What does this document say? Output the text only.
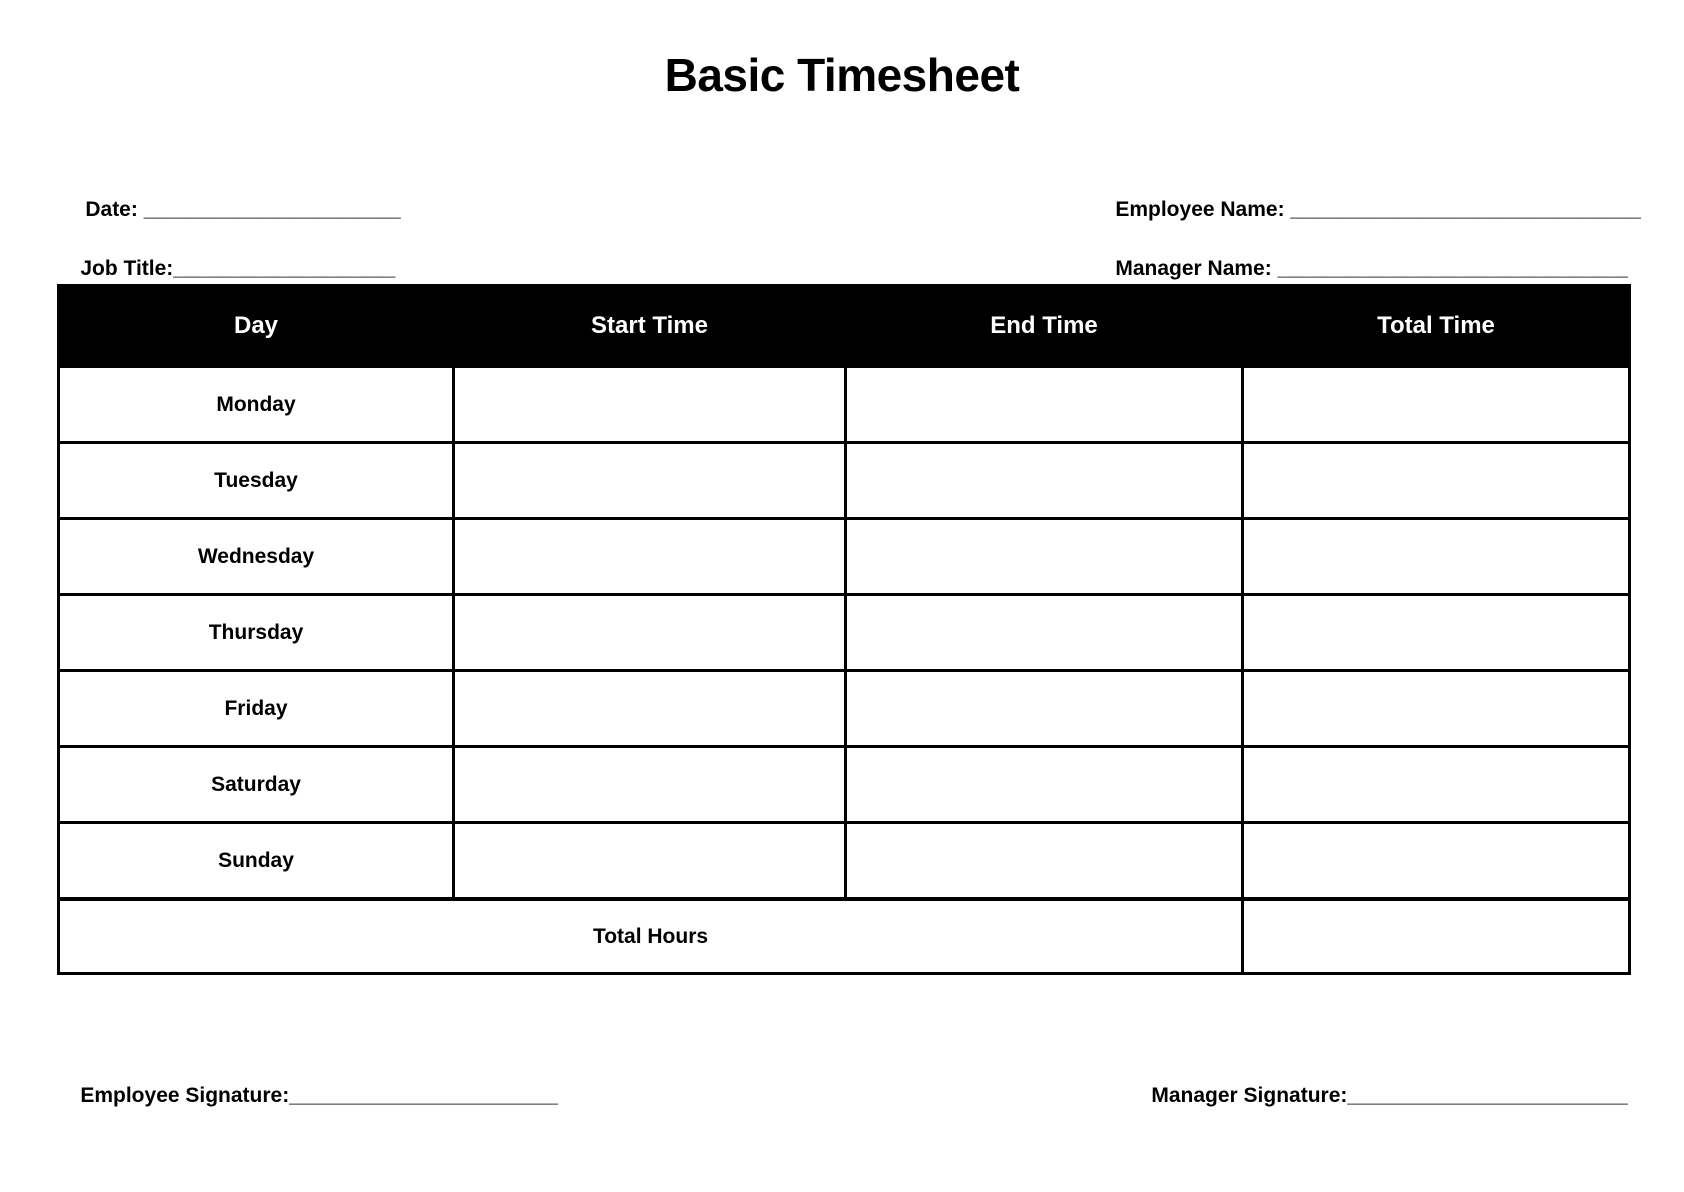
Basic Timesheet

Date: ______________________
	Employee Name: ______________________________

Job Title:___________________
	Manager Name: ______________________________

Day	Start Time	End Time	Total Time
Monday			
Tuesday			
Wednesday			
Thursday			
Friday			
Saturday			
Sunday			
Total Hours			

Employee Signature:_______________________
	Manager Signature:________________________
